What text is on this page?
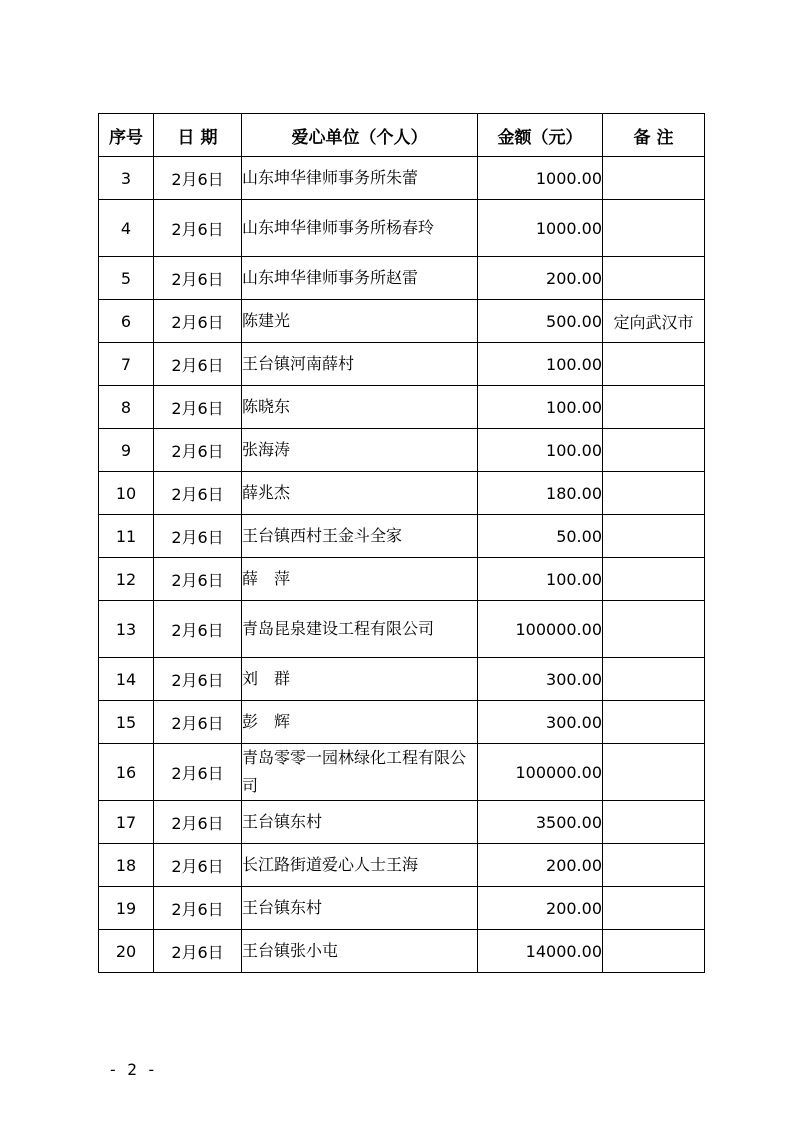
序号	日 期	爱心单位（个人）	金额（元）	备 注
3	2月6日	山东坤华律师事务所朱蕾	1000.00	
4	2月6日	山东坤华律师事务所杨春玲	1000.00	
5	2月6日	山东坤华律师事务所赵雷	200.00	
6	2月6日	陈建光	500.00	定向武汉市
7	2月6日	王台镇河南薛村	100.00	
8	2月6日	陈晓东	100.00	
9	2月6日	张海涛	100.00	
10	2月6日	薛兆杰	180.00	
11	2月6日	王台镇西村王金斗全家	50.00	
12	2月6日	薛　萍	100.00	
13	2月6日	青岛昆泉建设工程有限公司	100000.00	
14	2月6日	刘　群	300.00	
15	2月6日	彭　辉	300.00	
16	2月6日	青岛零零一园林绿化工程有限公司	100000.00	
17	2月6日	王台镇东村	3500.00	
18	2月6日	长江路街道爱心人士王海	200.00	
19	2月6日	王台镇东村	200.00	
20	2月6日	王台镇张小屯	14000.00	
- 2 -
